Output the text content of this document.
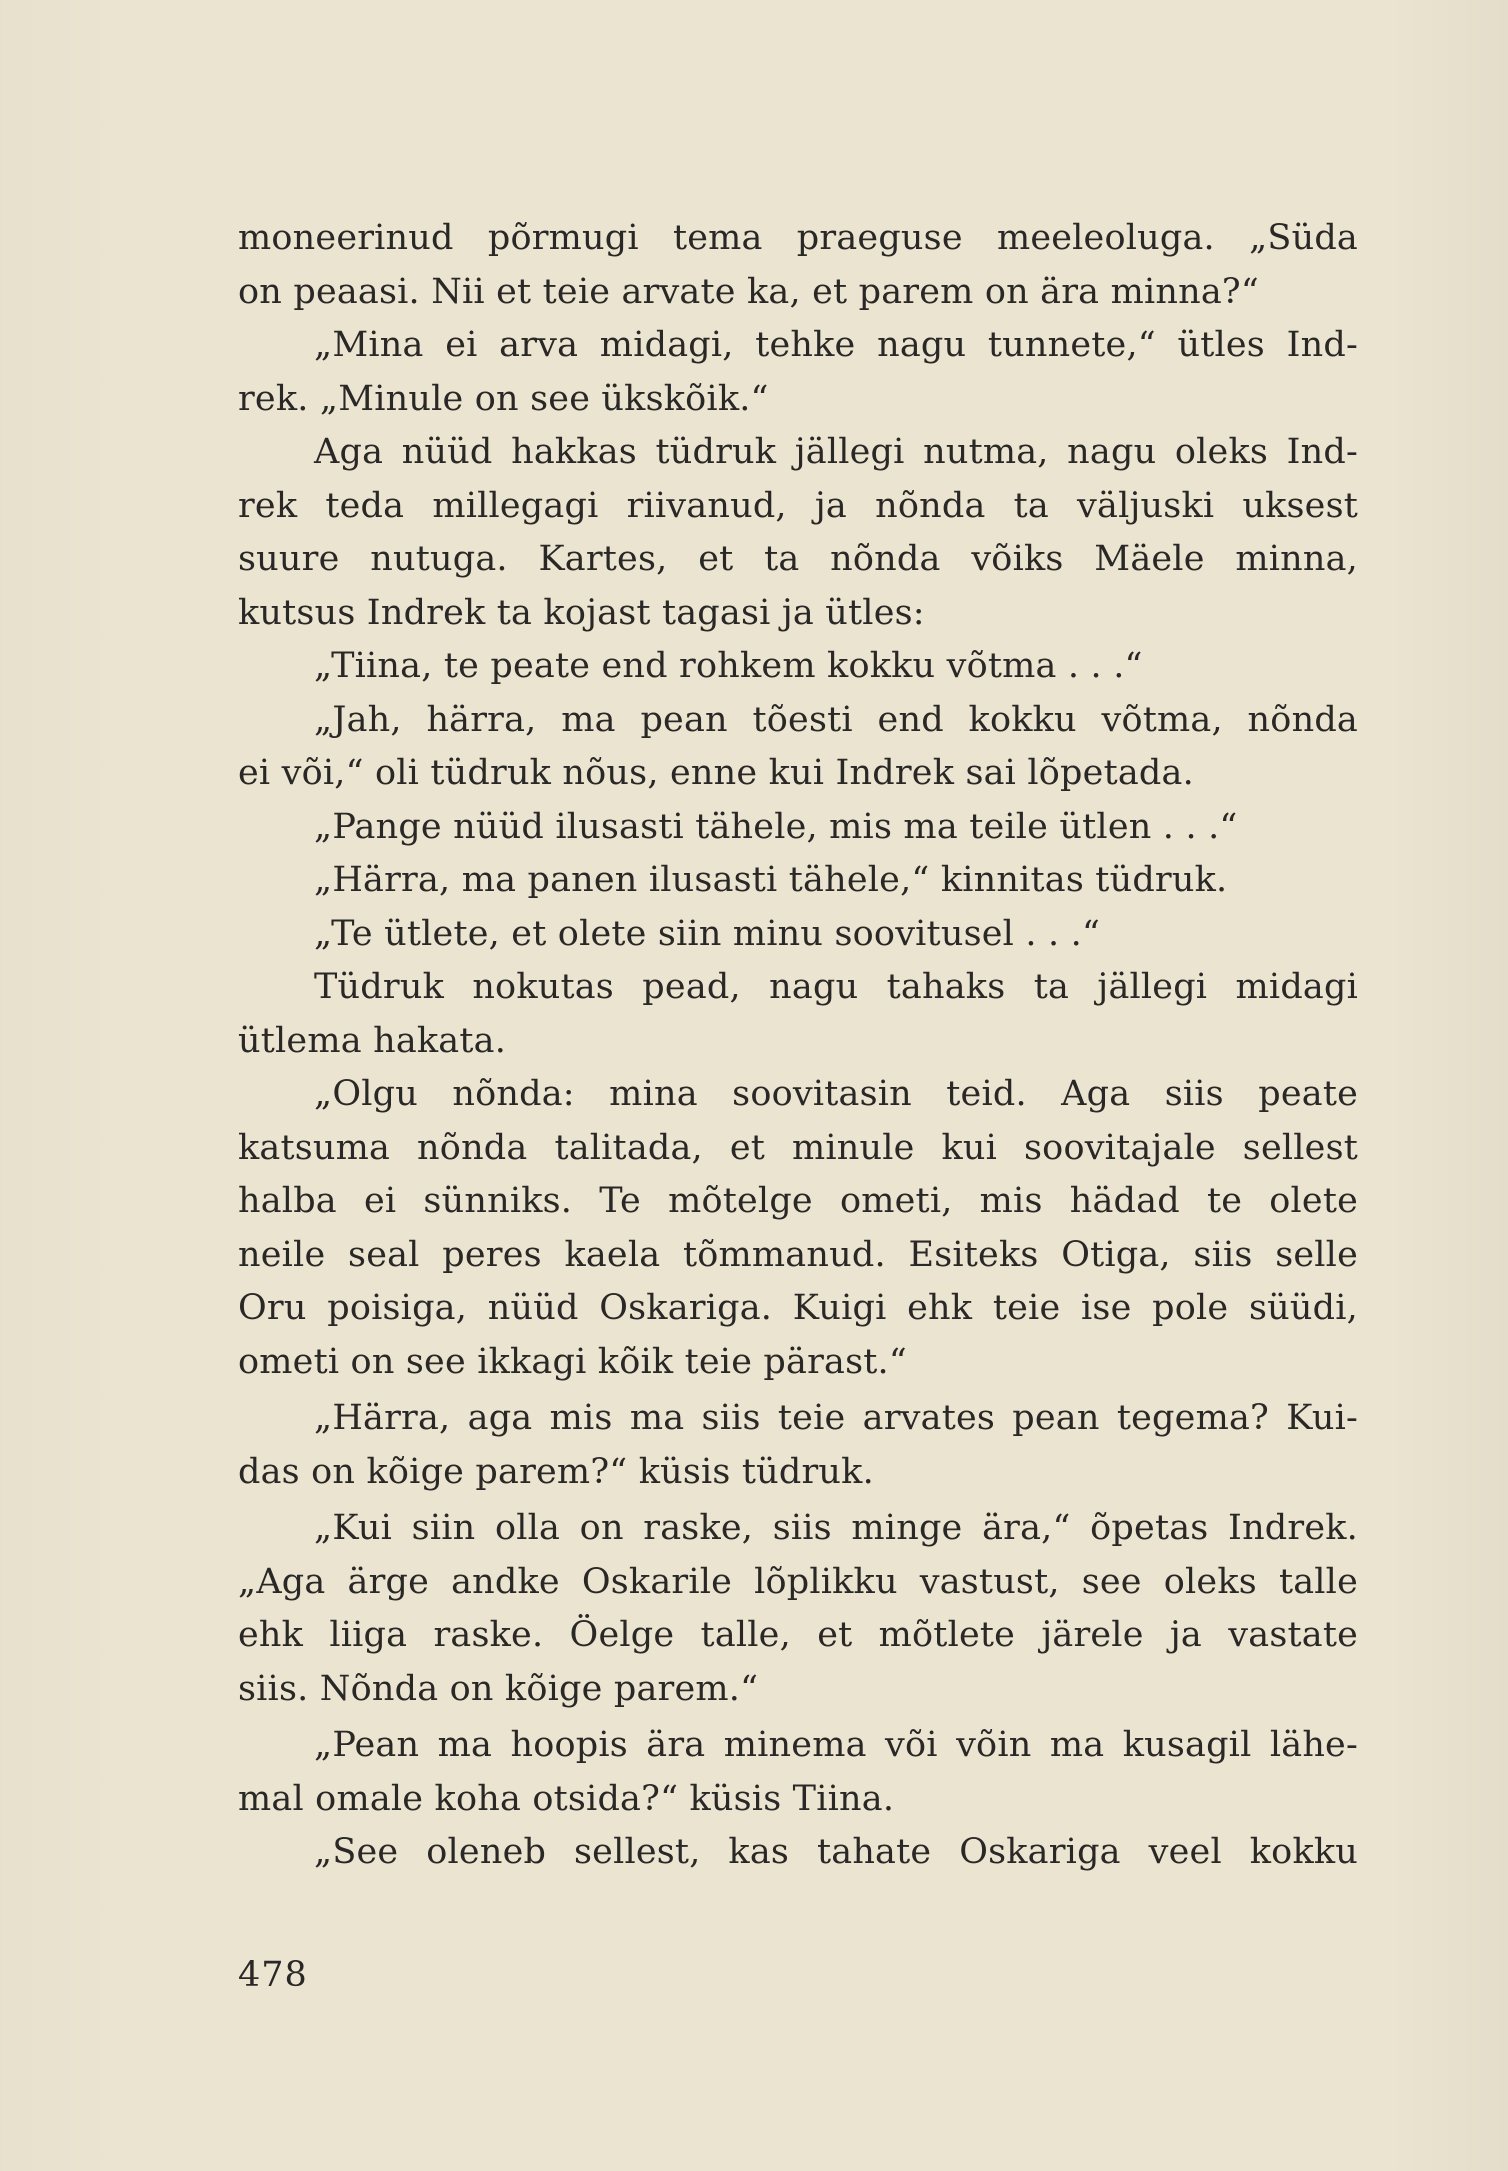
moneerinud põrmugi tema praeguse meeleoluga. „Süda
on peaasi. Nii et teie arvate ka, et parem on ära minna?“
„Mina ei arva midagi, tehke nagu tunnete,“ ütles Ind-
rek. „Minule on see ükskõik.“
Aga nüüd hakkas tüdruk jällegi nutma, nagu oleks Ind-
rek teda millegagi riivanud, ja nõnda ta väljuski uksest
suure nutuga. Kartes, et ta nõnda võiks Mäele minna,
kutsus Indrek ta kojast tagasi ja ütles:
„Tiina, te peate end rohkem kokku võtma . . .“
„Jah, härra, ma pean tõesti end kokku võtma, nõnda
ei või,“ oli tüdruk nõus, enne kui Indrek sai lõpetada.
„Pange nüüd ilusasti tähele, mis ma teile ütlen . . .“
„Härra, ma panen ilusasti tähele,“ kinnitas tüdruk.
„Te ütlete, et olete siin minu soovitusel . . .“
Tüdruk nokutas pead, nagu tahaks ta jällegi midagi
ütlema hakata.
„Olgu nõnda: mina soovitasin teid. Aga siis peate
katsuma nõnda talitada, et minule kui soovitajale sellest
halba ei sünniks. Te mõtelge ometi, mis hädad te olete
neile seal peres kaela tõmmanud. Esiteks Otiga, siis selle
Oru poisiga, nüüd Oskariga. Kuigi ehk teie ise pole süüdi,
ometi on see ikkagi kõik teie pärast.“
„Härra, aga mis ma siis teie arvates pean tegema? Kui-
das on kõige parem?“ küsis tüdruk.
„Kui siin olla on raske, siis minge ära,“ õpetas Indrek.
„Aga ärge andke Oskarile lõplikku vastust, see oleks talle
ehk liiga raske. Öelge talle, et mõtlete järele ja vastate
siis. Nõnda on kõige parem.“
„Pean ma hoopis ära minema või võin ma kusagil lähe-
mal omale koha otsida?“ küsis Tiina.
„See oleneb sellest, kas tahate Oskariga veel kokku
478
